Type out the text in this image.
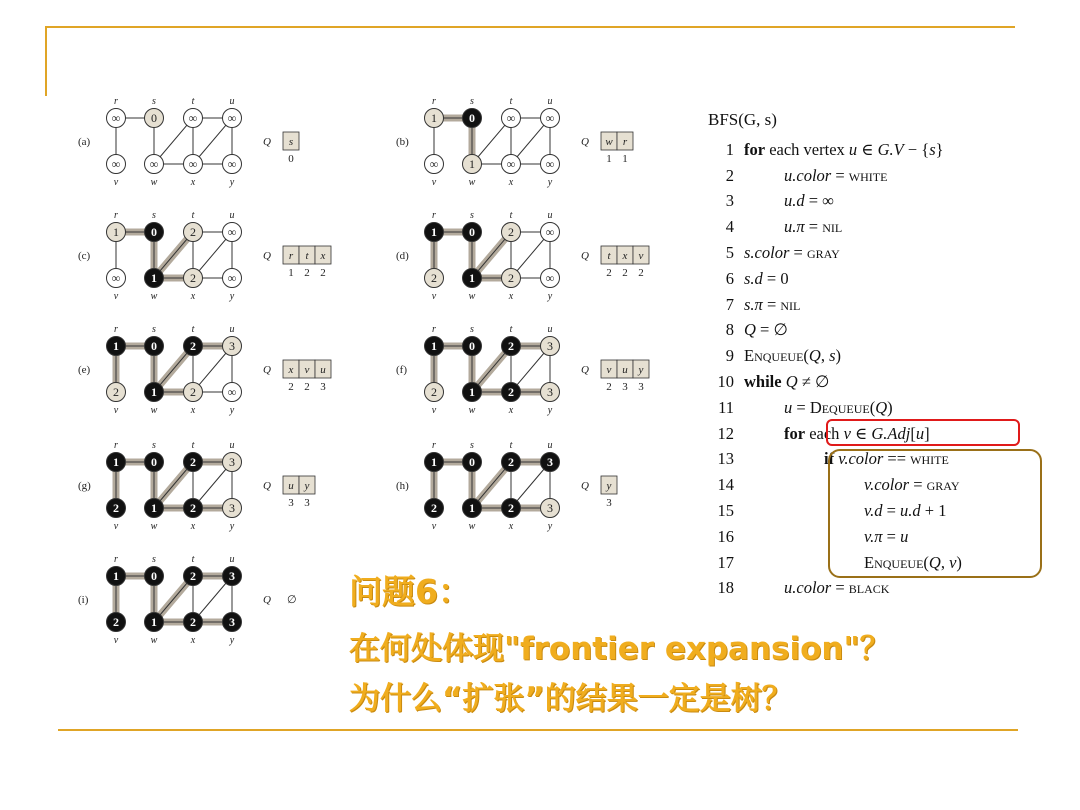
(a)
∞
r
0
s
∞
t
∞
u
∞
v
∞
w
∞
x
∞
y
Q s
0
(b)
1
r
0
s
∞
t
∞
u
∞
v
1
w
∞
x
∞
y
Q w
1
r
1
(c)
1
r
0
s
2
t
∞
u
∞
v
1
w
2
x
∞
y
Q r
1
t
2
x
2
(d)
1
r
0
s
2
t
∞
u
2
v
1
w
2
x
∞
y
Q t
2
x
2
v
2
(e)
1
r
0
s
2
t
3
u
2
v
1
w
2
x
∞
y
Q x
2
v
2
u
3
(f)
1
r
0
s
2
t
3
u
2
v
1
w
2
x
3
y
Q v
2
u
3
y
3
(g)
1
r
0
s
2
t
3
u
2
v
1
w
2
x
3
y
Q u
3
y
3
(h)
1
r
0
s
2
t
3
u
2
v
1
w
2
x
3
y
Q y
3
(i)
1
r
0
s
2
t
3
u
2
v
1
w
2
x
3
y
Q ∅
BFS(G, s)
1 for each vertex u ∈ G.V − {s}
2	u.color = white
3	u.d = ∞
4	u.π = nil
5 s.color = gray
6 s.d = 0
7 s.π = nil
8 Q = ∅
9 Enqueue(Q, s)
10 while Q ≠ ∅
11	u = Dequeue(Q)
12	for each v ∈ G.Adj[u]
13	if v.color == white
14	v.color = gray
15	v.d = u.d + 1
16	v.π = u
17	Enqueue(Q, v)
18	u.color = black
问题6：
在何处体现"frontier expansion"？
为什么“扩张”的结果一定是树？
